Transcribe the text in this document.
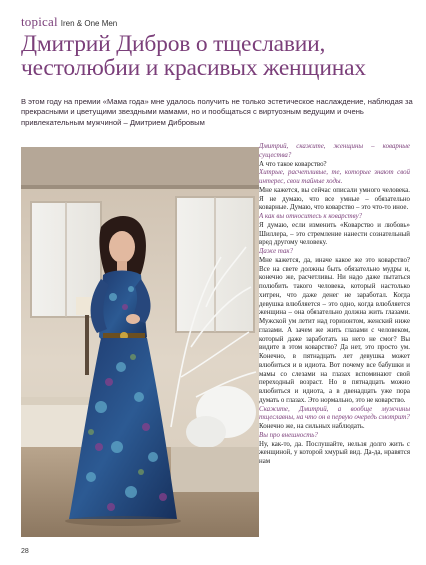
topical Iren & One Men
Дмитрий Дибров о тщеславии, честолюбии и красивых женщинах

В этом году на премии «Мама года» мне удалось получить не только эстетическое наслаждение, наблюдая за прекрасными и цветущими звездными мамами, но и пообщаться с виртуозным ведущим и очень привлекательным мужчиной – Дмитрием Дибровым

Дмитрий, скажите, женщины – коварные существа?

А что такое коварство?

Хитрые, расчетливые, те, которые знают свой интерес, свои тайные ходы.

Мне кажется, вы сейчас описали умного человека. Я не думаю, что все умные – обязательно коварные. Думаю, что коварство – это что-то иное.

А как вы относитесь к коварству?

Я думаю, если изменить «Коварство и любовь» Шиллера, – это стремление нанести сознательный вред другому человеку.

Даже так?

Мне кажется, да, иначе какое же это коварство? Все на свете должны быть обязательно мудры и, конечно же, расчетливы. Ни надо даже пытаться полюбить такого человека, который настолько хитрен, что даже денег не заработал. Когда девушка влюбляется – это одно, когда влюбляется женщина – она обязательно должна жить глазами. Мужской ум летит над горизонтом, женский ниже глазами. А зачем же жить глазами с человеком, который даже заработать на него не смог? Вы видите в этом коварство? Да нет, это просто ум. Конечно, в пятнадцать лет девушка может влюбиться и в идиота. Вот почему все бабушки и мамы со слезами на глазах вспоминают свой переходный возраст. Но в пятнадцать можно влюбиться и идиота, а в двенадцать уже пора думать о глазах. Это нормально, это не коварство.

Скажите, Дмитрий, а вообще мужчины тщеславны, на что он в первую очередь смотрит?

Конечно же, на сильных наблюдать.

Вы про внешность?

Ну, как-то, да. Послушайте, нельзя долго жить с женщиной, у которой хмурый вид. Да-да, нравятся нам

28
